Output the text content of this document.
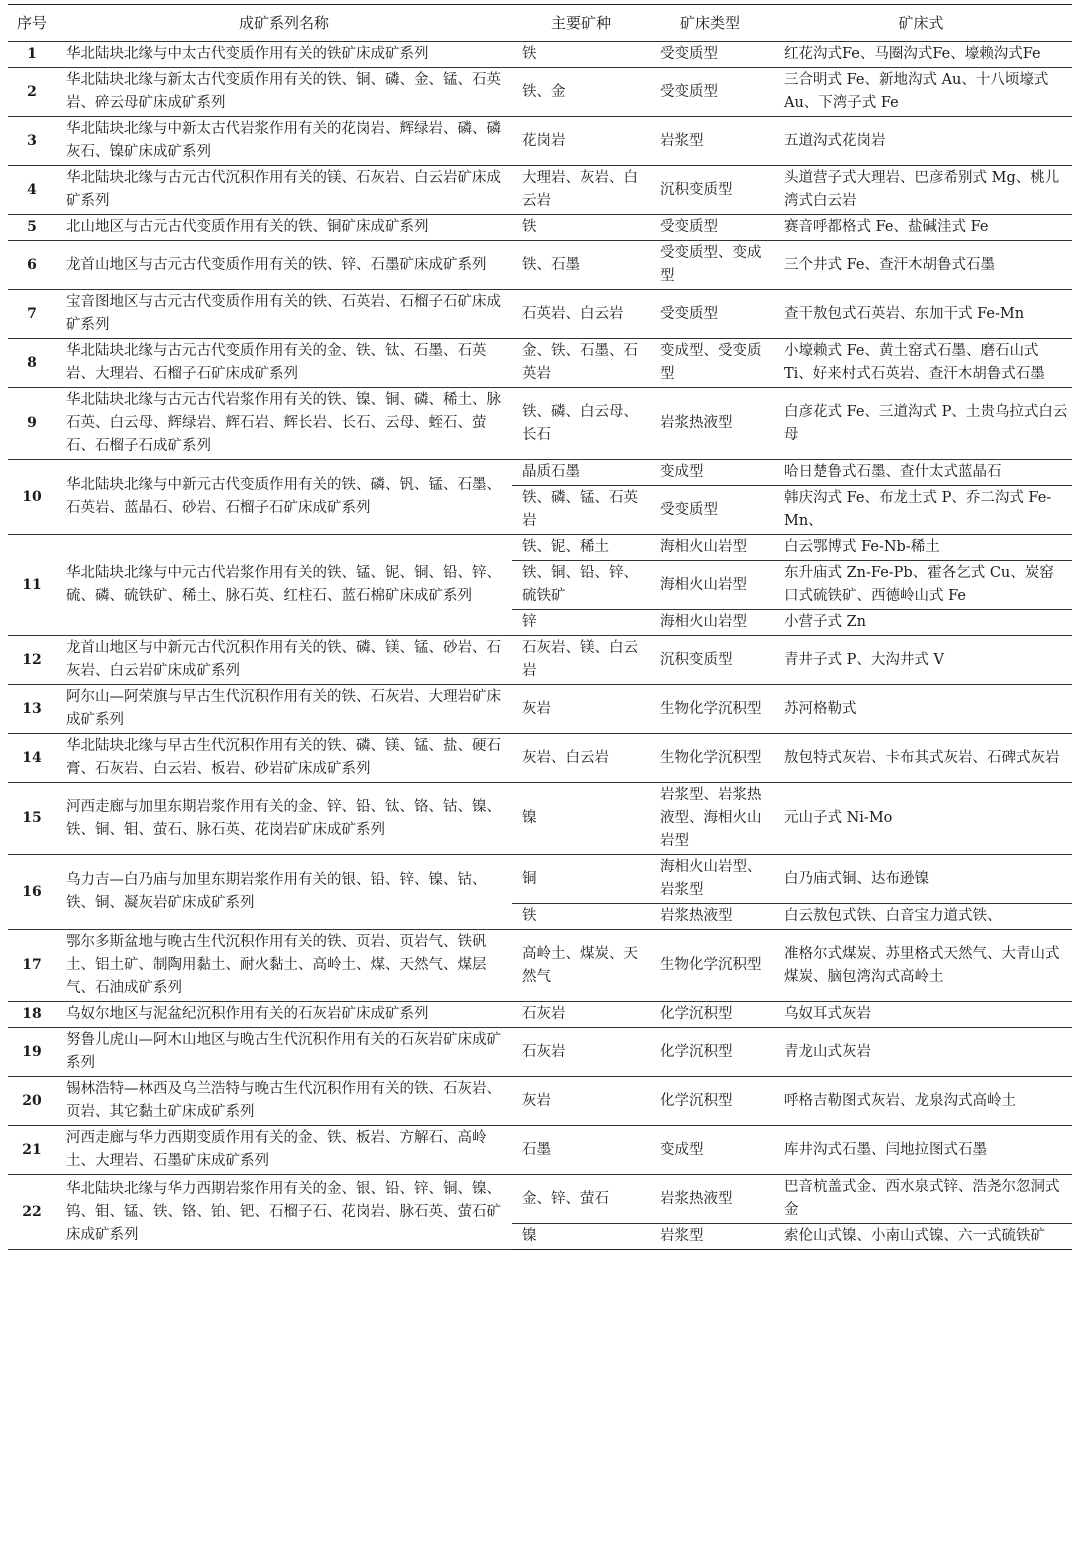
序号	成矿系列名称	主要矿种	矿床类型	矿床式
1	华北陆块北缘与中太古代变质作用有关的铁矿床成矿系列	铁	受变质型	红花沟式Fe、马圈沟式Fe、壕赖沟式Fe
2	华北陆块北缘与新太古代变质作用有关的铁、铜、磷、金、锰、石英岩、碎云母矿床成矿系列	铁、金	受变质型	三合明式 Fe、新地沟式 Au、十八顷壕式 Au、下湾子式 Fe
3	华北陆块北缘与中新太古代岩浆作用有关的花岗岩、辉绿岩、磷、磷灰石、镍矿床成矿系列	花岗岩	岩浆型	五道沟式花岗岩
4	华北陆块北缘与古元古代沉积作用有关的镁、石灰岩、白云岩矿床成矿系列	大理岩、灰岩、白云岩	沉积变质型	头道营子式大理岩、巴彦希别式 Mg、桃儿湾式白云岩
5	北山地区与古元古代变质作用有关的铁、铜矿床成矿系列	铁	受变质型	赛音呼都格式 Fe、盐碱洼式 Fe
6	龙首山地区与古元古代变质作用有关的铁、锌、石墨矿床成矿系列	铁、石墨	受变质型、变成型	三个井式 Fe、查汗木胡鲁式石墨
7	宝音图地区与古元古代变质作用有关的铁、石英岩、石榴子石矿床成矿系列	石英岩、白云岩	受变质型	查干敖包式石英岩、东加干式 Fe-Mn
8	华北陆块北缘与古元古代变质作用有关的金、铁、钛、石墨、石英岩、大理岩、石榴子石矿床成矿系列	金、铁、石墨、石英岩	变成型、受变质型	小壕赖式 Fe、黄土窑式石墨、磨石山式 Ti、好来村式石英岩、查汗木胡鲁式石墨
9	华北陆块北缘与古元古代岩浆作用有关的铁、镍、铜、磷、稀土、脉石英、白云母、辉绿岩、辉石岩、辉长岩、长石、云母、蛭石、萤石、石榴子石成矿系列	铁、磷、白云母、长石	岩浆热液型	白彦花式 Fe、三道沟式 P、土贵乌拉式白云母
10	华北陆块北缘与中新元古代变质作用有关的铁、磷、钒、锰、石墨、石英岩、蓝晶石、砂岩、石榴子石矿床成矿系列	晶质石墨	变成型	哈日楚鲁式石墨、查什太式蓝晶石
		铁、磷、锰、石英岩	受变质型	韩庆沟式 Fe、布龙土式 P、乔二沟式 Fe-Mn、
11	华北陆块北缘与中元古代岩浆作用有关的铁、锰、铌、铜、铅、锌、硫、磷、硫铁矿、稀土、脉石英、红柱石、蓝石棉矿床成矿系列	铁、铌、稀土	海相火山岩型	白云鄂博式 Fe-Nb-稀土
		铁、铜、铅、锌、硫铁矿	海相火山岩型	东升庙式 Zn-Fe-Pb、霍各乞式 Cu、炭窑口式硫铁矿、西德岭山式 Fe
		锌	海相火山岩型	小营子式 Zn
12	龙首山地区与中新元古代沉积作用有关的铁、磷、镁、锰、砂岩、石灰岩、白云岩矿床成矿系列	石灰岩、镁、白云岩	沉积变质型	青井子式 P、大沟井式 V
13	阿尔山—阿荣旗与早古生代沉积作用有关的铁、石灰岩、大理岩矿床成矿系列	灰岩	生物化学沉积型	苏河格勒式
14	华北陆块北缘与早古生代沉积作用有关的铁、磷、镁、锰、盐、硬石膏、石灰岩、白云岩、板岩、砂岩矿床成矿系列	灰岩、白云岩	生物化学沉积型	敖包特式灰岩、卡布其式灰岩、石碑式灰岩
15	河西走廊与加里东期岩浆作用有关的金、锌、铅、钛、铬、钴、镍、铁、铜、钼、萤石、脉石英、花岗岩矿床成矿系列	镍	岩浆型、岩浆热液型、海相火山岩型	元山子式 Ni-Mo
16	乌力吉—白乃庙与加里东期岩浆作用有关的银、铅、锌、镍、钴、铁、铜、凝灰岩矿床成矿系列	铜	海相火山岩型、岩浆型	白乃庙式铜、达布逊镍
		铁	岩浆热液型	白云敖包式铁、白音宝力道式铁、
17	鄂尔多斯盆地与晚古生代沉积作用有关的铁、页岩、页岩气、铁矾土、铝土矿、制陶用黏土、耐火黏土、高岭土、煤、天然气、煤层气、石油成矿系列	高岭土、煤炭、天然气	生物化学沉积型	准格尔式煤炭、苏里格式天然气、大青山式煤炭、脑包湾沟式高岭土
18	乌奴尔地区与泥盆纪沉积作用有关的石灰岩矿床成矿系列	石灰岩	化学沉积型	乌奴耳式灰岩
19	努鲁儿虎山—阿木山地区与晚古生代沉积作用有关的石灰岩矿床成矿系列	石灰岩	化学沉积型	青龙山式灰岩
20	锡林浩特—林西及乌兰浩特与晚古生代沉积作用有关的铁、石灰岩、页岩、其它黏土矿床成矿系列	灰岩	化学沉积型	呼格吉勒图式灰岩、龙泉沟式高岭土
21	河西走廊与华力西期变质作用有关的金、铁、板岩、方解石、高岭土、大理岩、石墨矿床成矿系列	石墨	变成型	库井沟式石墨、闫地拉图式石墨
22	华北陆块北缘与华力西期岩浆作用有关的金、银、铅、锌、铜、镍、钨、钼、锰、铁、铬、铂、钯、石榴子石、花岗岩、脉石英、萤石矿床成矿系列	金、锌、萤石	岩浆热液型	巴音杭盖式金、西水泉式锌、浩尧尔忽洞式金
		镍	岩浆型	索伦山式镍、小南山式镍、六一式硫铁矿
